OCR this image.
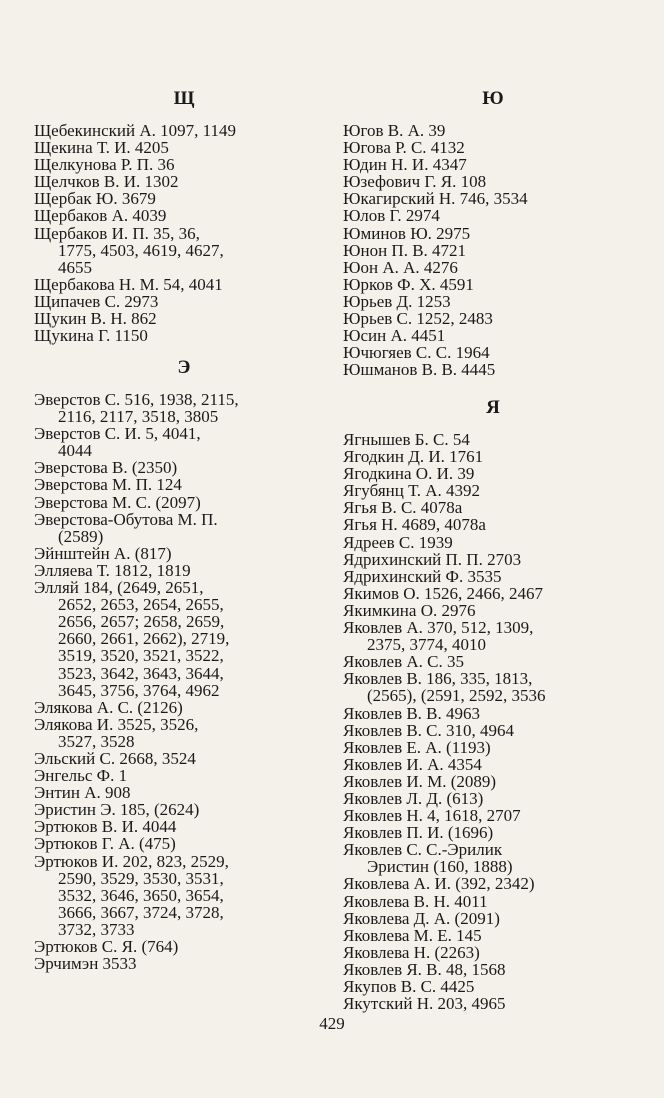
Щ
Щебекинский А. 1097, 1149
Щекина Т. И. 4205
Щелкунова Р. П. 36
Щелчков В. И. 1302
Щербак Ю. 3679
Щербаков А. 4039
Щербаков И. П. 35, 36,
1775, 4503, 4619, 4627,
4655
Щербакова Н. М. 54, 4041
Щипачев С. 2973
Щукин В. Н. 862
Щукина Г. 1150
Э
Эверстов С. 516, 1938, 2115,
2116, 2117, 3518, 3805
Эверстов С. И. 5, 4041,
4044
Эверстова В. (2350)
Эверстова М. П. 124
Эверстова М. С. (2097)
Эверстова-Обутова М. П.
(2589)
Эйнштейн А. (817)
Элляева Т. 1812, 1819
Элляй 184, (2649, 2651,
2652, 2653, 2654, 2655,
2656, 2657; 2658, 2659,
2660, 2661, 2662), 2719,
3519, 3520, 3521, 3522,
3523, 3642, 3643, 3644,
3645, 3756, 3764, 4962
Элякова А. С. (2126)
Элякова И. 3525, 3526,
3527, 3528
Эльский С. 2668, 3524
Энгельс Ф. 1
Энтин А. 908
Эристин Э. 185, (2624)
Эртюков В. И. 4044
Эртюков Г. А. (475)
Эртюков И. 202, 823, 2529,
2590, 3529, 3530, 3531,
3532, 3646, 3650, 3654,
3666, 3667, 3724, 3728,
3732, 3733
Эртюков С. Я. (764)
Эрчимэн 3533
Ю
Югов В. А. 39
Югова Р. С. 4132
Юдин Н. И. 4347
Юзефович Г. Я. 108
Юкагирский Н. 746, 3534
Юлов Г. 2974
Юминов Ю. 2975
Юнон П. В. 4721
Юон А. А. 4276
Юрков Ф. Х. 4591
Юрьев Д. 1253
Юрьев С. 1252, 2483
Юсин А. 4451
Ючюгяев С. С. 1964
Юшманов В. В. 4445
Я
Ягнышев Б. С. 54
Ягодкин Д. И. 1761
Ягодкина О. И. 39
Ягубянц Т. А. 4392
Ягья В. С. 4078а
Ягья Н. 4689, 4078а
Ядреев С. 1939
Ядрихинский П. П. 2703
Ядрихинский Ф. 3535
Якимов О. 1526, 2466, 2467
Якимкина О. 2976
Яковлев А. 370, 512, 1309,
2375, 3774, 4010
Яковлев А. С. 35
Яковлев В. 186, 335, 1813,
(2565), (2591, 2592, 3536
Яковлев В. В. 4963
Яковлев В. С. 310, 4964
Яковлев Е. А. (1193)
Яковлев И. А. 4354
Яковлев И. М. (2089)
Яковлев Л. Д. (613)
Яковлев Н. 4, 1618, 2707
Яковлев П. И. (1696)
Яковлев С. С.-Эрилик
Эристин (160, 1888)
Яковлева А. И. (392, 2342)
Яковлева В. Н. 4011
Яковлева Д. А. (2091)
Яковлева М. Е. 145
Яковлева Н. (2263)
Яковлев Я. В. 48, 1568
Якупов В. С. 4425
Якутский Н. 203, 4965
429
